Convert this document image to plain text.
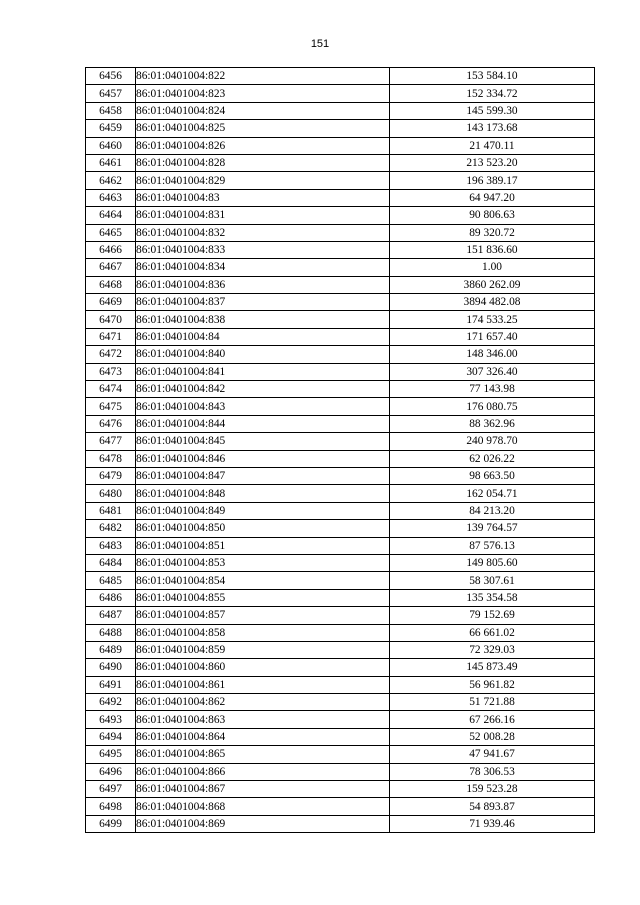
151
6456	86:01:0401004:822	153 584.10
6457	86:01:0401004:823	152 334.72
6458	86:01:0401004:824	145 599.30
6459	86:01:0401004:825	143 173.68
6460	86:01:0401004:826	21 470.11
6461	86:01:0401004:828	213 523.20
6462	86:01:0401004:829	196 389.17
6463	86:01:0401004:83	64 947.20
6464	86:01:0401004:831	90 806.63
6465	86:01:0401004:832	89 320.72
6466	86:01:0401004:833	151 836.60
6467	86:01:0401004:834	1.00
6468	86:01:0401004:836	3860 262.09
6469	86:01:0401004:837	3894 482.08
6470	86:01:0401004:838	174 533.25
6471	86:01:0401004:84	171 657.40
6472	86:01:0401004:840	148 346.00
6473	86:01:0401004:841	307 326.40
6474	86:01:0401004:842	77 143.98
6475	86:01:0401004:843	176 080.75
6476	86:01:0401004:844	88 362.96
6477	86:01:0401004:845	240 978.70
6478	86:01:0401004:846	62 026.22
6479	86:01:0401004:847	98 663.50
6480	86:01:0401004:848	162 054.71
6481	86:01:0401004:849	84 213.20
6482	86:01:0401004:850	139 764.57
6483	86:01:0401004:851	87 576.13
6484	86:01:0401004:853	149 805.60
6485	86:01:0401004:854	58 307.61
6486	86:01:0401004:855	135 354.58
6487	86:01:0401004:857	79 152.69
6488	86:01:0401004:858	66 661.02
6489	86:01:0401004:859	72 329.03
6490	86:01:0401004:860	145 873.49
6491	86:01:0401004:861	56 961.82
6492	86:01:0401004:862	51 721.88
6493	86:01:0401004:863	67 266.16
6494	86:01:0401004:864	52 008.28
6495	86:01:0401004:865	47 941.67
6496	86:01:0401004:866	78 306.53
6497	86:01:0401004:867	159 523.28
6498	86:01:0401004:868	54 893.87
6499	86:01:0401004:869	71 939.46
